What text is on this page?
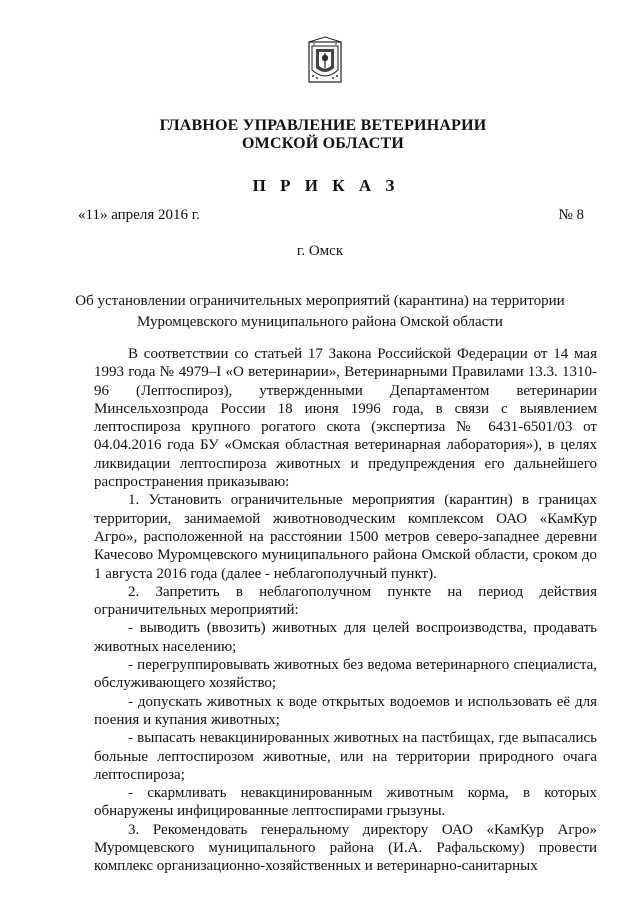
ГЛАВНОЕ УПРАВЛЕНИЕ ВЕТЕРИНАРИИ
ОМСКОЙ ОБЛАСТИ
П Р И К А З
«11» апреля 2016 г.	№ 8
г. Омск
Об установлении ограничительных мероприятий (карантина) на территории
Муромцевского муниципального района Омской области

В соответствии со статьей 17 Закона Российской Федерации от 14 мая 1993 года № 4979–I «О ветеринарии», Ветеринарными Правилами 13.3. 1310-96 (Лептоспироз), утвержденными Департаментом ветеринарии Минсельхозпрода России 18 июня 1996 года, в связи с выявлением лептоспироза крупного рогатого скота (экспертиза № 6431-6501/03 от 04.04.2016 года БУ «Омская областная ветеринарная лаборатория»), в целях ликвидации лептоспироза животных и предупреждения его дальнейшего распространения приказываю:

1. Установить ограничительные мероприятия (карантин) в границах территории, занимаемой животноводческим комплексом ОАО «КамКур Агро», расположенной на расстоянии 1500 метров северо-западнее деревни Качесово Муромцевского муниципального района Омской области, сроком до 1 августа 2016 года (далее - неблагополучный пункт).

2. Запретить в неблагополучном пункте на период действия ограничительных мероприятий:

- выводить (ввозить) животных для целей воспроизводства, продавать животных населению;

- перегруппировывать животных без ведома ветеринарного специалиста, обслуживающего хозяйство;

- допускать животных к воде открытых водоемов и использовать её для поения и купания животных;

- выпасать невакцинированных животных на пастбищах, где выпасались больные лептоспирозом животные, или на территории природного очага лептоспироза;

- скармливать невакцинированным животным корма, в которых обнаружены инфицированные лептоспирами грызуны.

3. Рекомендовать генеральному директору ОАО «КамКур Агро» Муромцевского муниципального района (И.А. Рафальскому) провести комплекс организационно-хозяйственных и ветеринарно-санитарных
